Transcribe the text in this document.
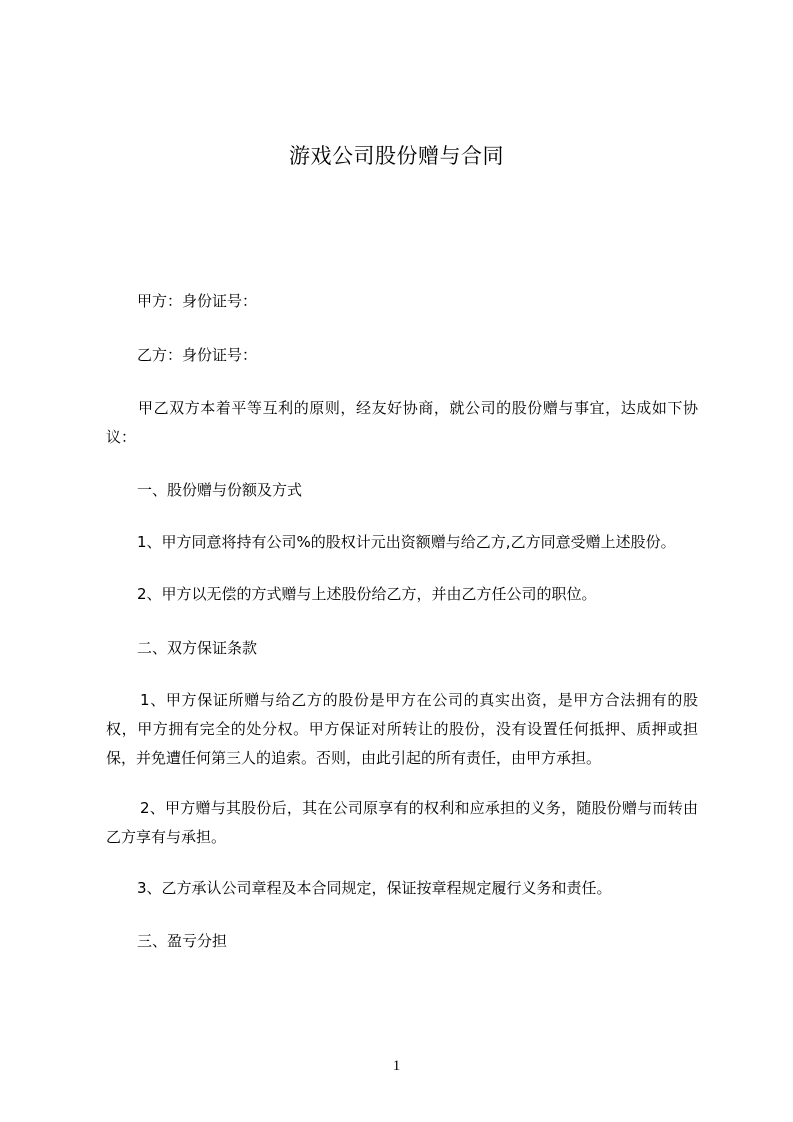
游戏公司股份赠与合同
甲方：身份证号：
乙方：身份证号：
甲乙双方本着平等互利的原则，经友好协商，就公司的股份赠与事宜，达成如下协议：
一、股份赠与份额及方式
1、甲方同意将持有公司%的股权计元出资额赠与给乙方,乙方同意受赠上述股份。
2、甲方以无偿的方式赠与上述股份给乙方，并由乙方任公司的职位。
二、双方保证条款
1、甲方保证所赠与给乙方的股份是甲方在公司的真实出资，是甲方合法拥有的股权，甲方拥有完全的处分权。甲方保证对所转让的股份，没有设置任何抵押、质押或担保，并免遭任何第三人的追索。否则，由此引起的所有责任，由甲方承担。
2、甲方赠与其股份后，其在公司原享有的权利和应承担的义务，随股份赠与而转由乙方享有与承担。
3、乙方承认公司章程及本合同规定，保证按章程规定履行义务和责任。
三、盈亏分担
1
